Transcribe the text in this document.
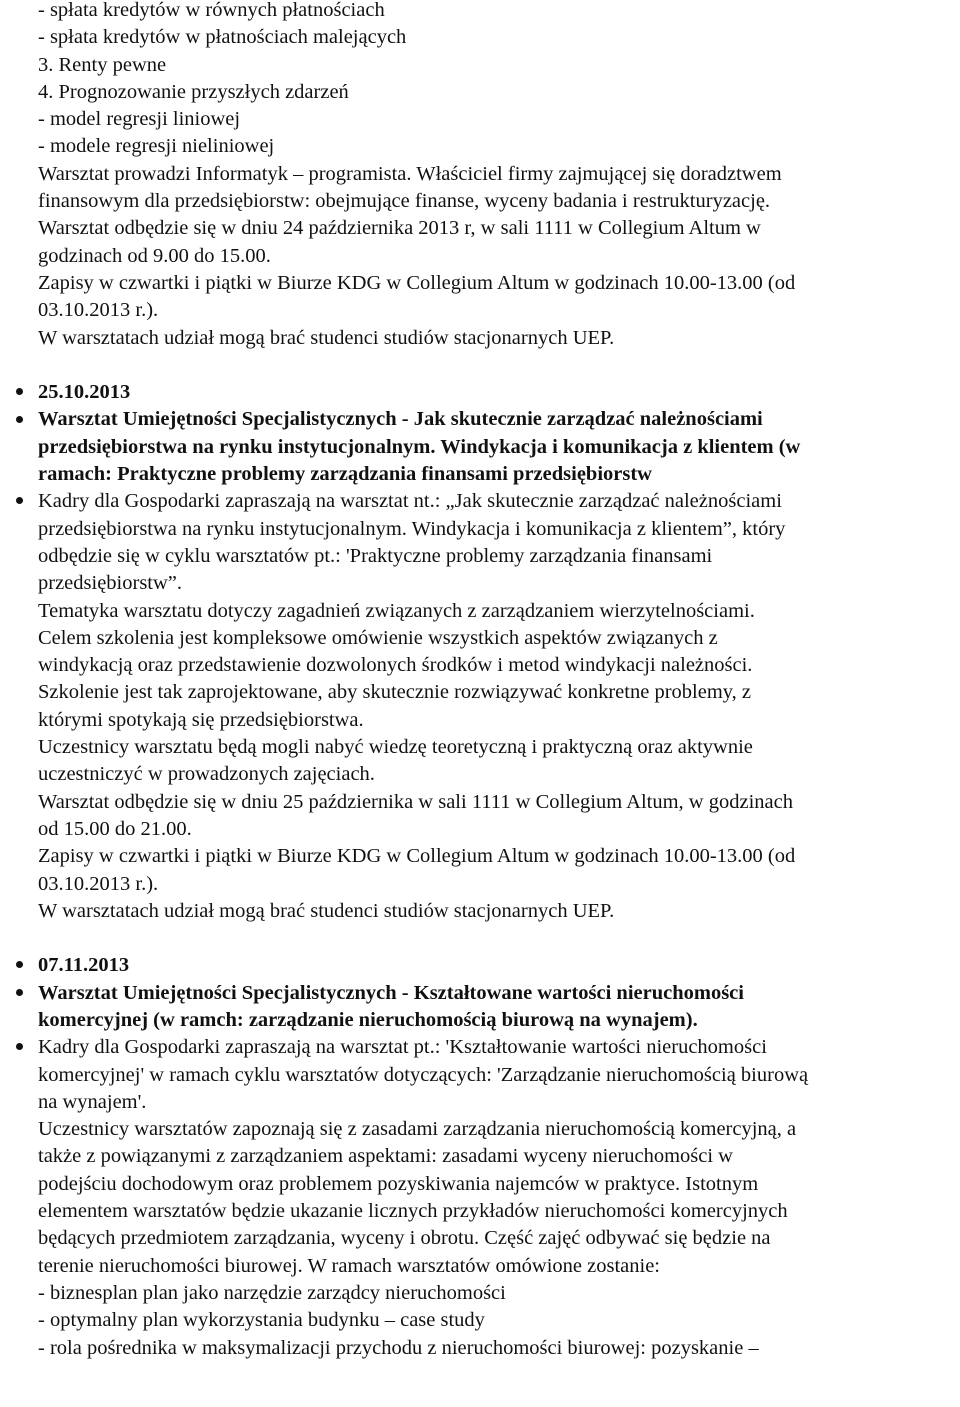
- spłata kredytów w równych płatnościach
- spłata kredytów w płatnościach malejących
3. Renty pewne
4. Prognozowanie przyszłych zdarzeń
- model regresji liniowej
- modele regresji nieliniowej
Warsztat prowadzi Informatyk – programista. Właściciel firmy zajmującej się doradztwem
finansowym dla przedsiębiorstw: obejmujące finanse, wyceny badania i restrukturyzację.
Warsztat odbędzie się w dniu 24 października 2013 r, w sali 1111 w Collegium Altum w
godzinach od 9.00 do 15.00.
Zapisy w czwartki i piątki w Biurze KDG w Collegium Altum w godzinach 10.00-13.00 (od
03.10.2013 r.).
W warsztatach udział mogą brać studenci studiów stacjonarnych UEP.
25.10.2013
Warsztat Umiejętności Specjalistycznych - Jak skutecznie zarządzać należnościami
przedsiębiorstwa na rynku instytucjonalnym. Windykacja i komunikacja z klientem (w
ramach: Praktyczne problemy zarządzania finansami przedsiębiorstw
Kadry dla Gospodarki zapraszają na warsztat nt.: „Jak skutecznie zarządzać należnościami
przedsiębiorstwa na rynku instytucjonalnym. Windykacja i komunikacja z klientem”, który
odbędzie się w cyklu warsztatów pt.: 'Praktyczne problemy zarządzania finansami
przedsiębiorstw”.
Tematyka warsztatu dotyczy zagadnień związanych z zarządzaniem wierzytelnościami.
Celem szkolenia jest kompleksowe omówienie wszystkich aspektów związanych z
windykacją oraz przedstawienie dozwolonych środków i metod windykacji należności.
Szkolenie jest tak zaprojektowane, aby skutecznie rozwiązywać konkretne problemy, z
którymi spotykają się przedsiębiorstwa.
Uczestnicy warsztatu będą mogli nabyć wiedzę teoretyczną i praktyczną oraz aktywnie
uczestniczyć w prowadzonych zajęciach.
Warsztat odbędzie się w dniu 25 października w sali 1111 w Collegium Altum, w godzinach
od 15.00 do 21.00.
Zapisy w czwartki i piątki w Biurze KDG w Collegium Altum w godzinach 10.00-13.00 (od
03.10.2013 r.).
W warsztatach udział mogą brać studenci studiów stacjonarnych UEP.
07.11.2013
Warsztat Umiejętności Specjalistycznych - Kształtowane wartości nieruchomości
komercyjnej (w ramch: zarządzanie nieruchomością biurową na wynajem).
Kadry dla Gospodarki zapraszają na warsztat pt.: 'Kształtowanie wartości nieruchomości
komercyjnej' w ramach cyklu warsztatów dotyczących: 'Zarządzanie nieruchomością biurową
na wynajem'.
Uczestnicy warsztatów zapoznają się z zasadami zarządzania nieruchomością komercyjną, a
także z powiązanymi z zarządzaniem aspektami: zasadami wyceny nieruchomości w
podejściu dochodowym oraz problemem pozyskiwania najemców w praktyce. Istotnym
elementem warsztatów będzie ukazanie licznych przykładów nieruchomości komercyjnych
będących przedmiotem zarządzania, wyceny i obrotu. Część zajęć odbywać się będzie na
terenie nieruchomości biurowej. W ramach warsztatów omówione zostanie:
- biznesplan plan jako narzędzie zarządcy nieruchomości
- optymalny plan wykorzystania budynku – case study
- rola pośrednika w maksymalizacji przychodu z nieruchomości biurowej: pozyskanie –
